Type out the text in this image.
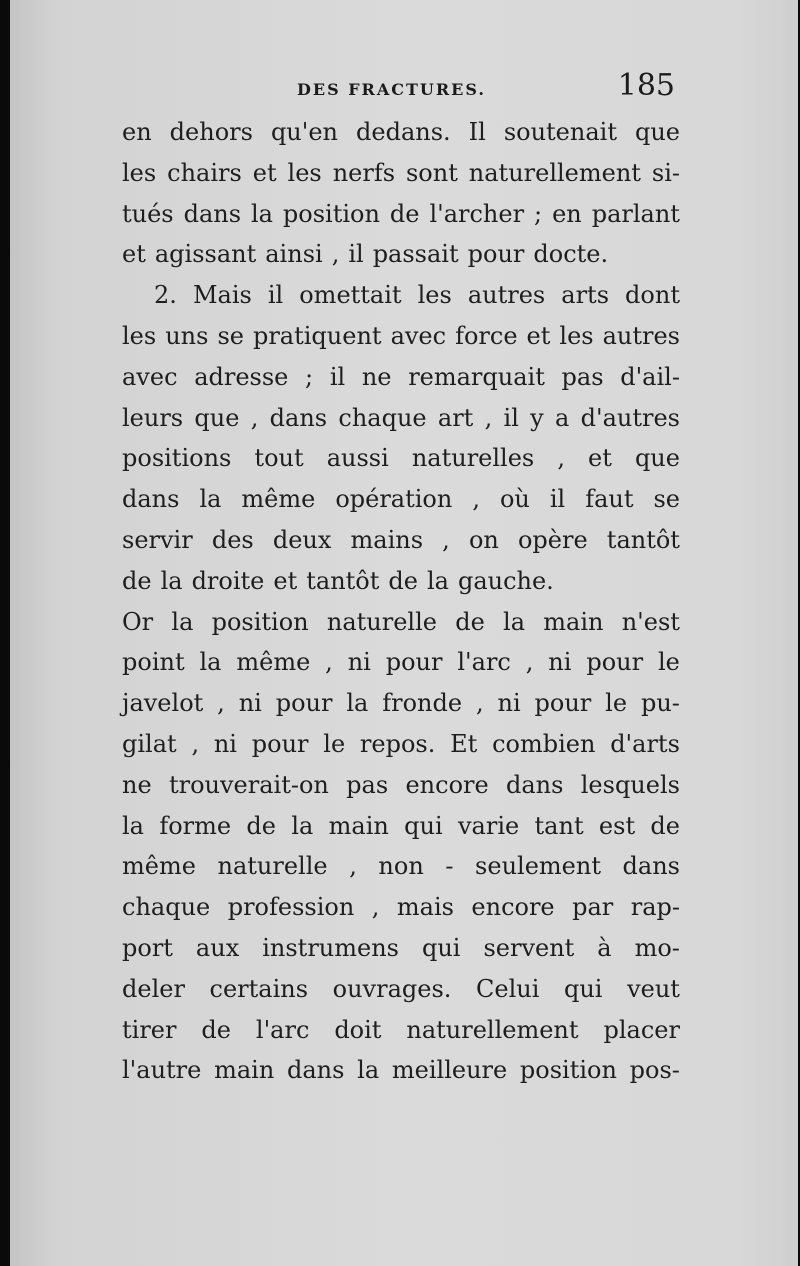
DES FRACTURES.	185
en dehors qu'en dedans. Il soutenait que
les chairs et les nerfs sont naturellement si-
tués dans la position de l'archer ; en parlant
et agissant ainsi , il passait pour docte.
2. Mais il omettait les autres arts dont
les uns se pratiquent avec force et les autres
avec adresse ; il ne remarquait pas d'ail-
leurs que , dans chaque art , il y a d'autres
positions tout aussi naturelles , et que
dans la même opération , où il faut se
servir des deux mains , on opère tantôt
de la droite et tantôt de la gauche.
Or la position naturelle de la main n'est
point la même , ni pour l'arc , ni pour le
javelot , ni pour la fronde , ni pour le pu-
gilat , ni pour le repos. Et combien d'arts
ne trouverait-on pas encore dans lesquels
la forme de la main qui varie tant est de
même naturelle , non - seulement dans
chaque profession , mais encore par rap-
port aux instrumens qui servent à mo-
deler certains ouvrages. Celui qui veut
tirer de l'arc doit naturellement placer
l'autre main dans la meilleure position pos-
